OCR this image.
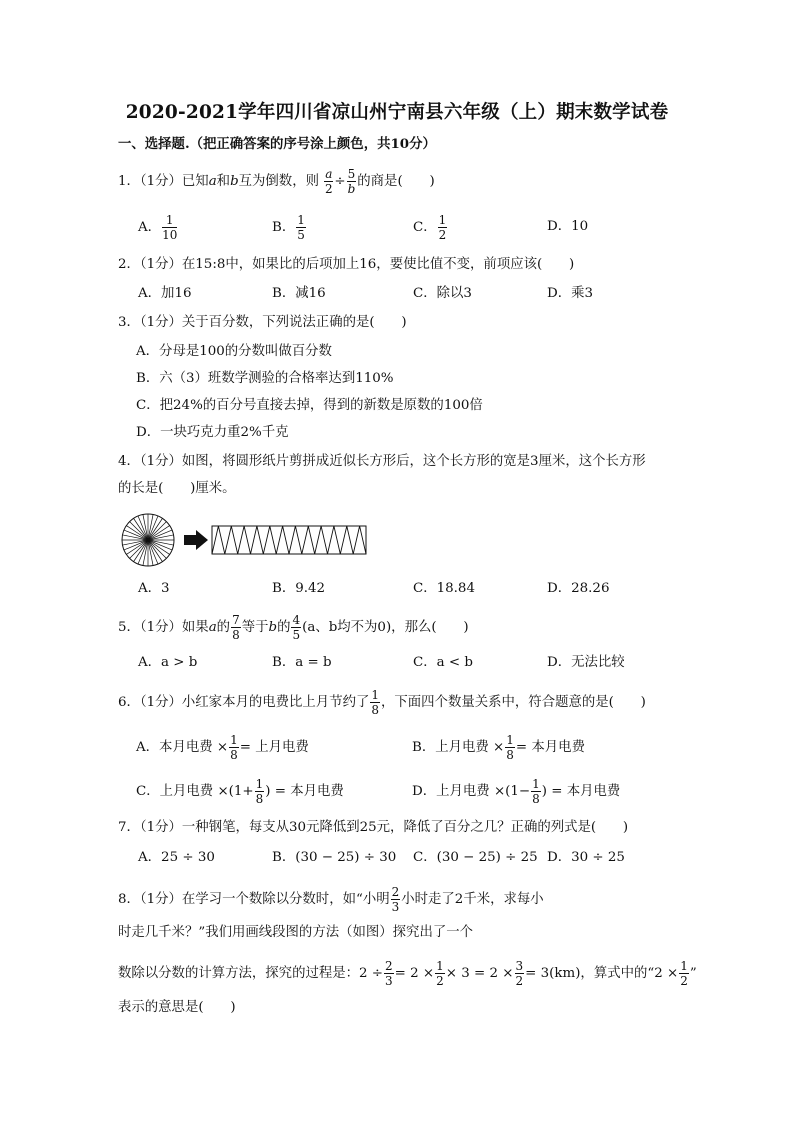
2020-2021学年四川省凉山州宁南县六年级（上）期末数学试卷
一、选择题.（把正确答案的序号涂上颜色，共10分）
1．（1分）已知a和b互为倒数，则 $\frac{a}{2} \div \frac{5}{b}$ 的商是(　　)
A． $\frac{1}{10}$	B． $\frac{1}{5}$	C． $\frac{1}{2}$	D．10
2．（1分）在15:8中，如果比的后项加上16，要使比值不变，前项应该(　　)
A．加16	B．减16	C．除以3	D．乘3
3．（1分）关于百分数，下列说法正确的是(　　)
A．分母是100的分数叫做百分数
B．六（3）班数学测验的合格率达到110%
C．把24%的百分号直接去掉，得到的新数是原数的100倍
D．一块巧克力重2%千克
4．（1分）如图，将圆形纸片剪拼成近似长方形后，这个长方形的宽是3厘米，这个长方形
的长是(　　)厘米。
A．3	B．9.42	C．18.84	D．28.26
5．（1分）如果a的 $\frac{7}{8}$ 等于b的 $\frac{4}{5} (a$、b均不为0)，那么(　　)
A．a > b	B．a = b	C．a < b	D．无法比较
6．（1分）小红家本月的电费比上月节约了 $\frac{1}{8}$ ，下面四个数量关系中，符合题意的是(　　)
A．本月电费 × $\frac{1}{8}$ = 上月电费	B．上月电费 × $\frac{1}{8}$ = 本月电费
C．上月电费 $\times(1+ \frac{1}{8}$ ) = 本月电费	D．上月电费 $\times(1- \frac{1}{8}$ ) = 本月电费
7．（1分）一种钢笔，每支从30元降低到25元，降低了百分之几？正确的列式是(　　)
A．25 ÷ 30	B．(30 − 25) ÷ 30 C．(30 − 25) ÷ 25 D．30 ÷ 25
8．（1分）在学习一个数除以分数时，如“小明 $\frac{2}{3}$ 小时走了2千米，求每小
时走几千米？”我们用画线段图的方法（如图）探究出了一个
数除以分数的计算方法，探究的过程是：$2 \div \frac{2}{3} = 2 \times \frac{1}{2} \times 3 = 2 \times \frac{3}{2} = 3(km)$，算式中的“$2 \times \frac{1}{2}$ ”
表示的意思是(　　)
